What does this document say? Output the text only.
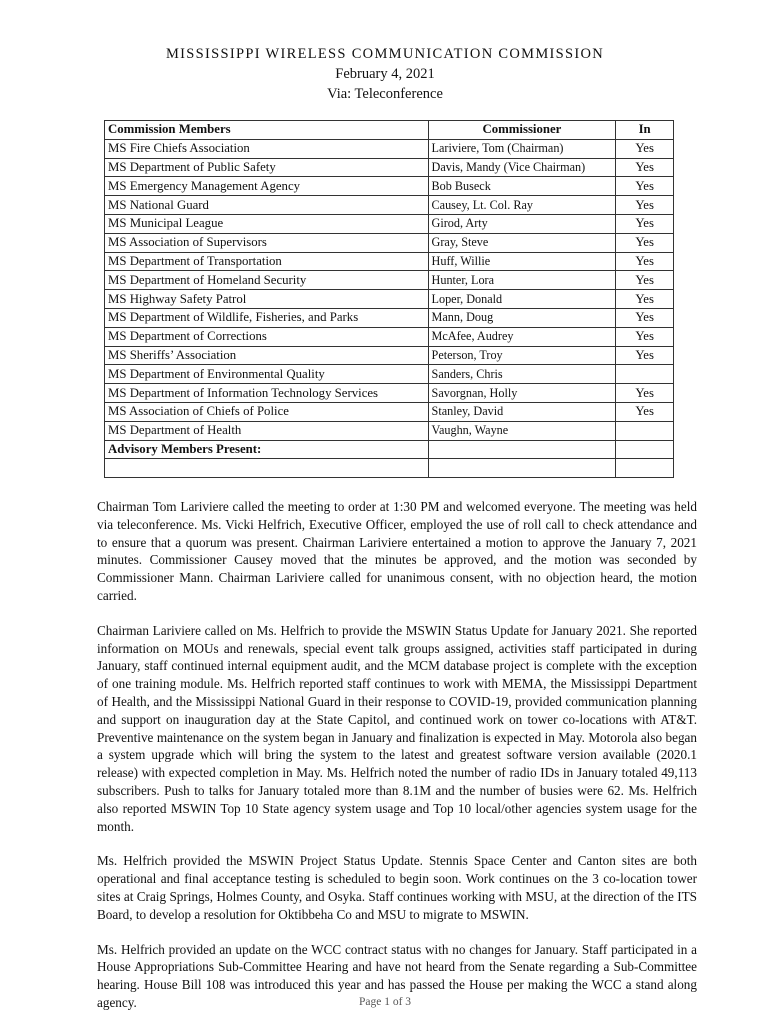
MISSISSIPPI WIRELESS COMMUNICATION COMMISSION
February 4, 2021
Via: Teleconference
Commission Members	Commissioner	In
MS Fire Chiefs Association	Lariviere, Tom (Chairman)	Yes
MS Department of Public Safety	Davis, Mandy (Vice Chairman)	Yes
MS Emergency Management Agency	Bob Buseck	Yes
MS National Guard	Causey, Lt. Col. Ray	Yes
MS Municipal League	Girod, Arty	Yes
MS Association of Supervisors	Gray, Steve	Yes
MS Department of Transportation	Huff, Willie	Yes
MS Department of Homeland Security	Hunter, Lora	Yes
MS Highway Safety Patrol	Loper, Donald	Yes
MS Department of Wildlife, Fisheries, and Parks	Mann, Doug	Yes
MS Department of Corrections	McAfee, Audrey	Yes
MS Sheriffs’ Association	Peterson, Troy	Yes
MS Department of Environmental Quality	Sanders, Chris	
MS Department of Information Technology Services	Savorgnan, Holly	Yes
MS Association of Chiefs of Police	Stanley, David	Yes
MS Department of Health	Vaughn, Wayne	
Advisory Members Present:		

Chairman Tom Lariviere called the meeting to order at 1:30 PM and welcomed everyone. The meeting was held via teleconference. Ms. Vicki Helfrich, Executive Officer, employed the use of roll call to check attendance and to ensure that a quorum was present. Chairman Lariviere entertained a motion to approve the January 7, 2021 minutes. Commissioner Causey moved that the minutes be approved, and the motion was seconded by Commissioner Mann. Chairman Lariviere called for unanimous consent, with no objection heard, the motion carried.

Chairman Lariviere called on Ms. Helfrich to provide the MSWIN Status Update for January 2021. She reported information on MOUs and renewals, special event talk groups assigned, activities staff participated in during January, staff continued internal equipment audit, and the MCM database project is complete with the exception of one training module. Ms. Helfrich reported staff continues to work with MEMA, the Mississippi Department of Health, and the Mississippi National Guard in their response to COVID-19, provided communication planning and support on inauguration day at the State Capitol, and continued work on tower co-locations with AT&T. Preventive maintenance on the system began in January and finalization is expected in May. Motorola also began a system upgrade which will bring the system to the latest and greatest software version available (2020.1 release) with expected completion in May. Ms. Helfrich noted the number of radio IDs in January totaled 49,113 subscribers. Push to talks for January totaled more than 8.1M and the number of busies were 62. Ms. Helfrich also reported MSWIN Top 10 State agency system usage and Top 10 local/other agencies system usage for the month.

Ms. Helfrich provided the MSWIN Project Status Update. Stennis Space Center and Canton sites are both operational and final acceptance testing is scheduled to begin soon. Work continues on the 3 co-location tower sites at Craig Springs, Holmes County, and Osyka. Staff continues working with MSU, at the direction of the ITS Board, to develop a resolution for Oktibbeha Co and MSU to migrate to MSWIN.

Ms. Helfrich provided an update on the WCC contract status with no changes for January. Staff participated in a House Appropriations Sub-Committee Hearing and have not heard from the Senate regarding a Sub-Committee hearing. House Bill 108 was introduced this year and has passed the House per making the WCC a stand along agency.	Page 1 of 3
